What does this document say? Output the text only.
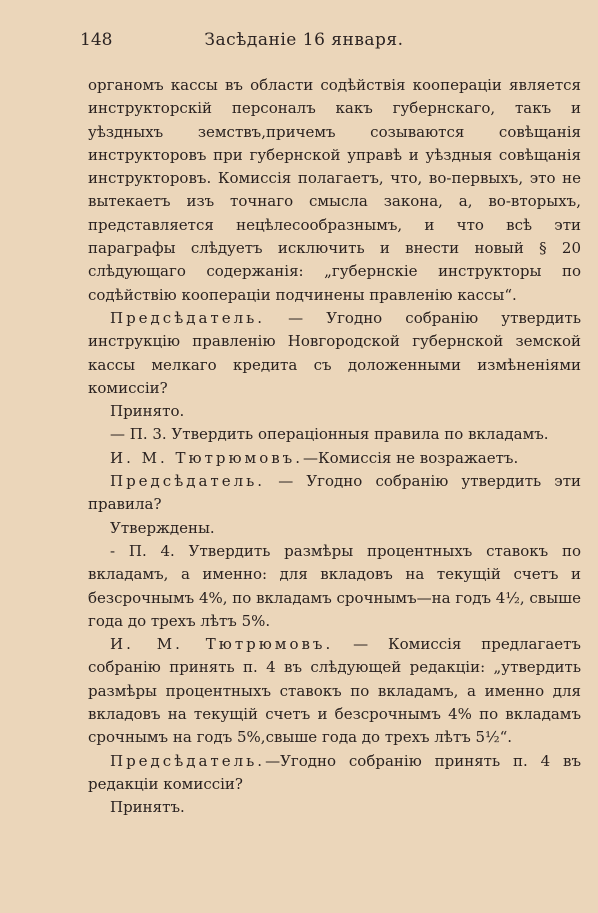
148	Засѣданіе 16 января.

органомъ кассы въ области содѣйствія кооперацiи является инструкторскій персоналъ какъ губернскаго, такъ и уѣздныхъ земствъ,причемъ созываются совѣщанія инструкторовъ при губернской управѣ и уѣздныя совѣщанія инструкторовъ. Комиссія полагаетъ, что, во-первыхъ, это не вытекаетъ изъ точнаго смысла закона, а, во-вторыхъ, представляется нецѣлесообразнымъ, и что всѣ эти параграфы слѣдуетъ исключить и внести новый § 20 слѣдующаго содержанія: „губернскіе инструкторы по содѣйствію кооперацiи подчинены правленію кассы“.

Предсѣдатель. — Угодно собранію утвердить инструкцію правленію Новгородской губернской земской кассы мелкаго кредита съ доложенными измѣненіями комиссіи?

Принято.

— П. 3. Утвердить операціонныя правила по вкладамъ.

И. М. Тютрюмовъ.—Комиссія не возражаетъ.

Предсѣдатель. — Угодно собранію утвердить эти правила?

Утверждены.

- П. 4. Утвердить размѣры процентныхъ ставокъ по вкладамъ, а именно: для вкладовъ на текущій счетъ и безсрочнымъ 4%, по вкладамъ срочнымъ—на годъ 4½, свыше года до трехъ лѣтъ 5%.

И. М. Тютрюмовъ. — Комиссія предлагаетъ собранію принять п. 4 въ слѣдующей редакціи: „утвердить размѣры процентныхъ ставокъ по вкладамъ, а именно для вкладовъ на текущій счетъ и безсрочнымъ 4% по вкладамъ срочнымъ на годъ 5%,свыше года до трехъ лѣтъ 5½“.

Предсѣдатель.—Угодно собранію принять п. 4 въ редакціи комиссіи?

Принятъ.
